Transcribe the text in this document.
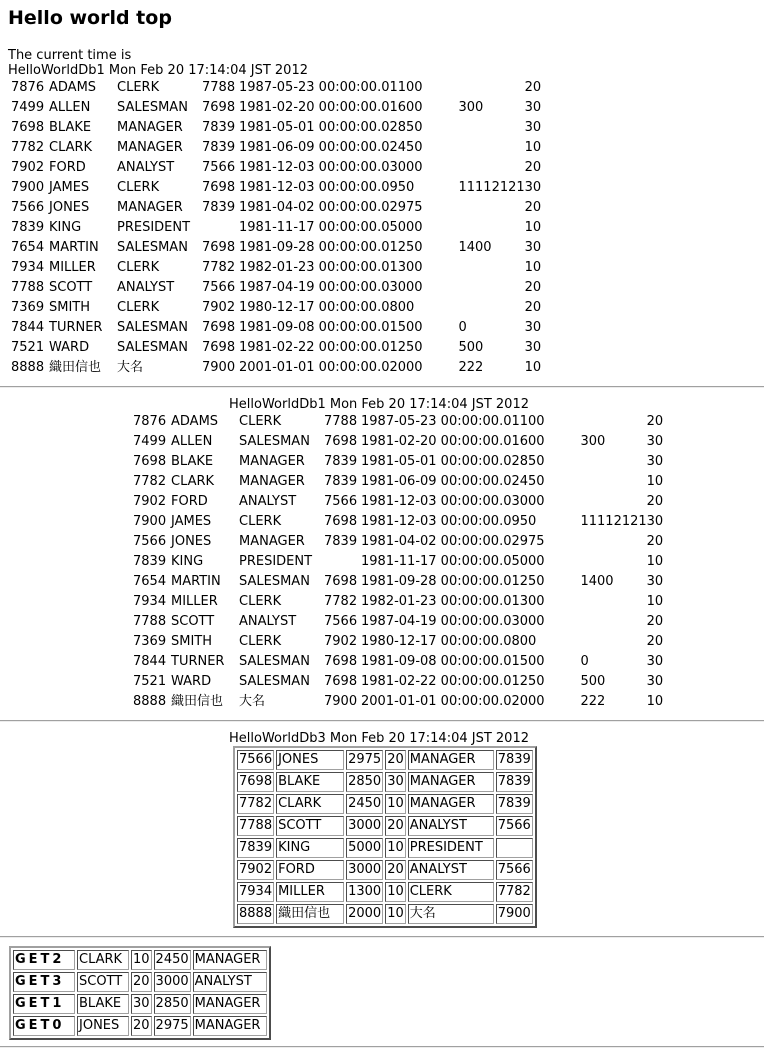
Hello world top
The current time is
HelloWorldDb1 Mon Feb 20 17:14:04 JST 2012
7876	ADAMS	CLERK	7788	1987-05-23 00:00:00.0	1100		20
7499	ALLEN	SALESMAN	7698	1981-02-20 00:00:00.0	1600	300	30
7698	BLAKE	MANAGER	7839	1981-05-01 00:00:00.0	2850		30
7782	CLARK	MANAGER	7839	1981-06-09 00:00:00.0	2450		10
7902	FORD	ANALYST	7566	1981-12-03 00:00:00.0	3000		20
7900	JAMES	CLERK	7698	1981-12-03 00:00:00.0	950	11112121	30
7566	JONES	MANAGER	7839	1981-04-02 00:00:00.0	2975		20
7839	KING	PRESIDENT		1981-11-17 00:00:00.0	5000		10
7654	MARTIN	SALESMAN	7698	1981-09-28 00:00:00.0	1250	1400	30
7934	MILLER	CLERK	7782	1982-01-23 00:00:00.0	1300		10
7788	SCOTT	ANALYST	7566	1987-04-19 00:00:00.0	3000		20
7369	SMITH	CLERK	7902	1980-12-17 00:00:00.0	800		20
7844	TURNER	SALESMAN	7698	1981-09-08 00:00:00.0	1500	0	30
7521	WARD	SALESMAN	7698	1981-02-22 00:00:00.0	1250	500	30
8888	織田信也	大名	7900	2001-01-01 00:00:00.0	2000	222	10
HelloWorldDb1 Mon Feb 20 17:14:04 JST 2012
7876	ADAMS	CLERK	7788	1987-05-23 00:00:00.0	1100		20
7499	ALLEN	SALESMAN	7698	1981-02-20 00:00:00.0	1600	300	30
7698	BLAKE	MANAGER	7839	1981-05-01 00:00:00.0	2850		30
7782	CLARK	MANAGER	7839	1981-06-09 00:00:00.0	2450		10
7902	FORD	ANALYST	7566	1981-12-03 00:00:00.0	3000		20
7900	JAMES	CLERK	7698	1981-12-03 00:00:00.0	950	11112121	30
7566	JONES	MANAGER	7839	1981-04-02 00:00:00.0	2975		20
7839	KING	PRESIDENT		1981-11-17 00:00:00.0	5000		10
7654	MARTIN	SALESMAN	7698	1981-09-28 00:00:00.0	1250	1400	30
7934	MILLER	CLERK	7782	1982-01-23 00:00:00.0	1300		10
7788	SCOTT	ANALYST	7566	1987-04-19 00:00:00.0	3000		20
7369	SMITH	CLERK	7902	1980-12-17 00:00:00.0	800		20
7844	TURNER	SALESMAN	7698	1981-09-08 00:00:00.0	1500	0	30
7521	WARD	SALESMAN	7698	1981-02-22 00:00:00.0	1250	500	30
8888	織田信也	大名	7900	2001-01-01 00:00:00.0	2000	222	10
HelloWorldDb3 Mon Feb 20 17:14:04 JST 2012
7566	JONES	2975	20	MANAGER	7839
7698	BLAKE	2850	30	MANAGER	7839
7782	CLARK	2450	10	MANAGER	7839
7788	SCOTT	3000	20	ANALYST	7566
7839	KING	5000	10	PRESIDENT	
7902	FORD	3000	20	ANALYST	7566
7934	MILLER	1300	10	CLERK	7782
8888	織田信也	2000	10	大名	7900
GET2	CLARK	10	2450	MANAGER
GET3	SCOTT	20	3000	ANALYST
GET1	BLAKE	30	2850	MANAGER
GET0	JONES	20	2975	MANAGER
